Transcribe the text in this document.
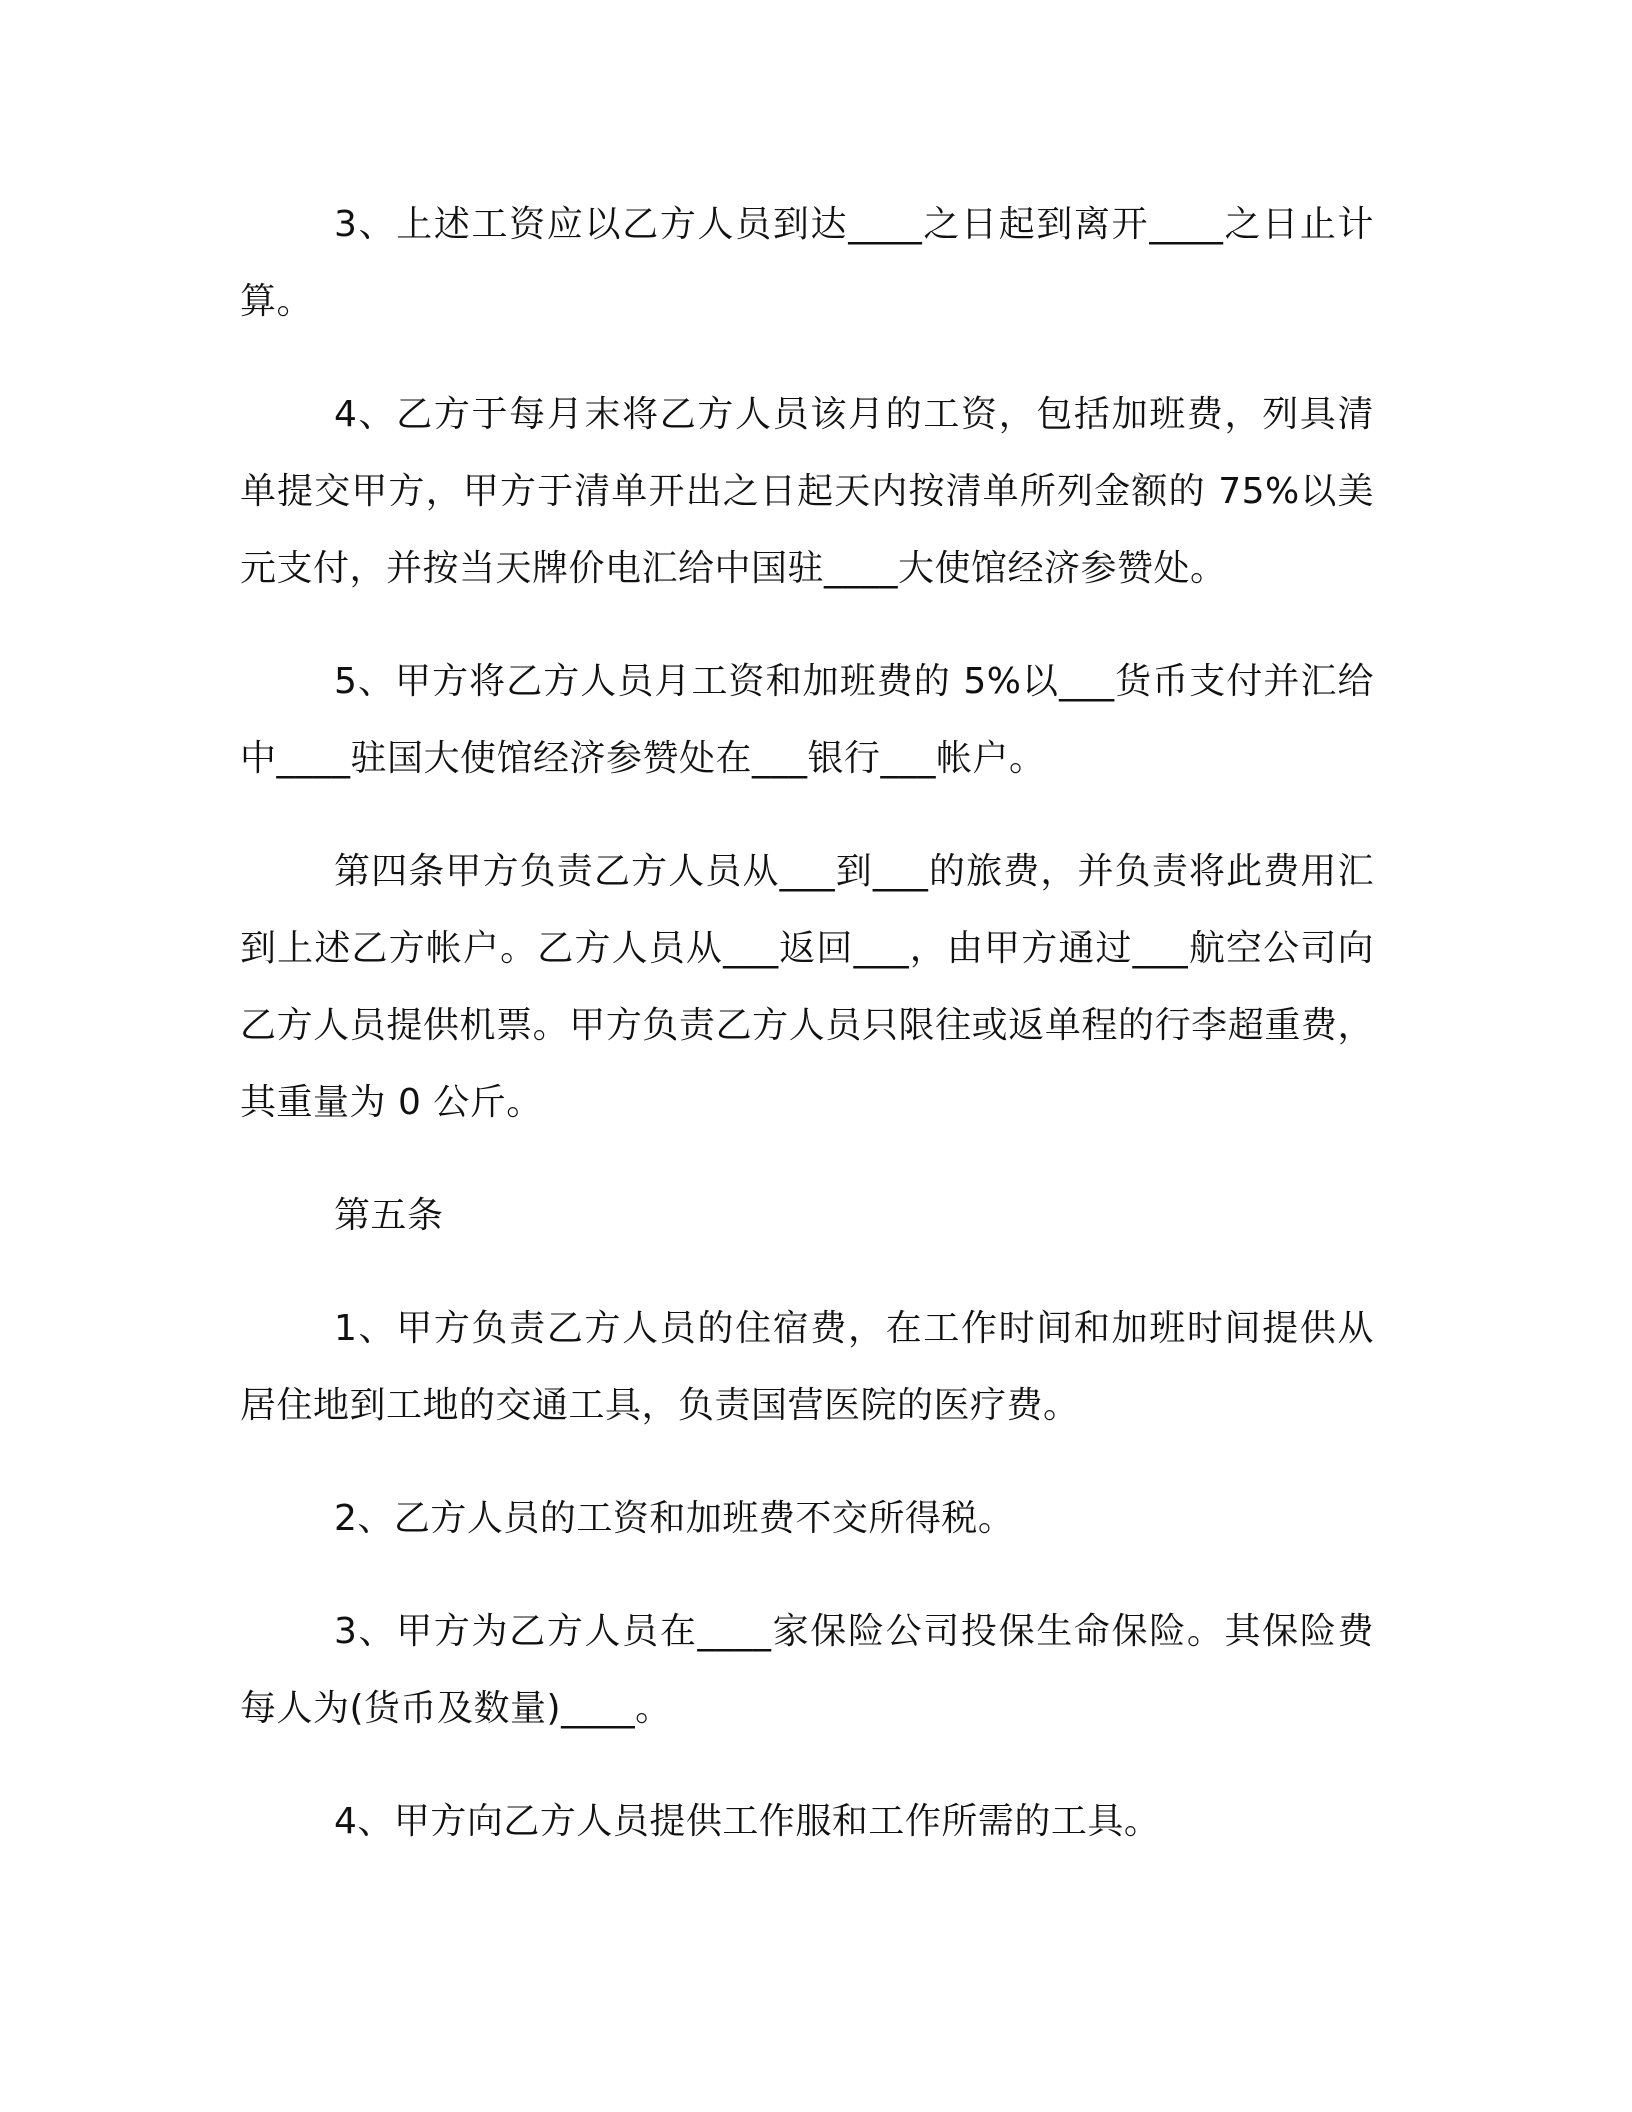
3、上述工资应以乙方人员到达____之日起到离开____之日止计算。

4、乙方于每月末将乙方人员该月的工资，包括加班费，列具清单提交甲方，甲方于清单开出之日起天内按清单所列金额的 75%以美元支付，并按当天牌价电汇给中国驻____大使馆经济参赞处。

5、甲方将乙方人员月工资和加班费的 5%以___货币支付并汇给中____驻国大使馆经济参赞处在___银行___帐户。

第四条甲方负责乙方人员从___到___的旅费，并负责将此费用汇到上述乙方帐户。乙方人员从___返回___，由甲方通过___航空公司向乙方人员提供机票。甲方负责乙方人员只限往或返单程的行李超重费，其重量为 0 公斤。

第五条

1、甲方负责乙方人员的住宿费，在工作时间和加班时间提供从居住地到工地的交通工具，负责国营医院的医疗费。

2、乙方人员的工资和加班费不交所得税。

3、甲方为乙方人员在____家保险公司投保生命保险。其保险费每人为(货币及数量)____。

4、甲方向乙方人员提供工作服和工作所需的工具。
